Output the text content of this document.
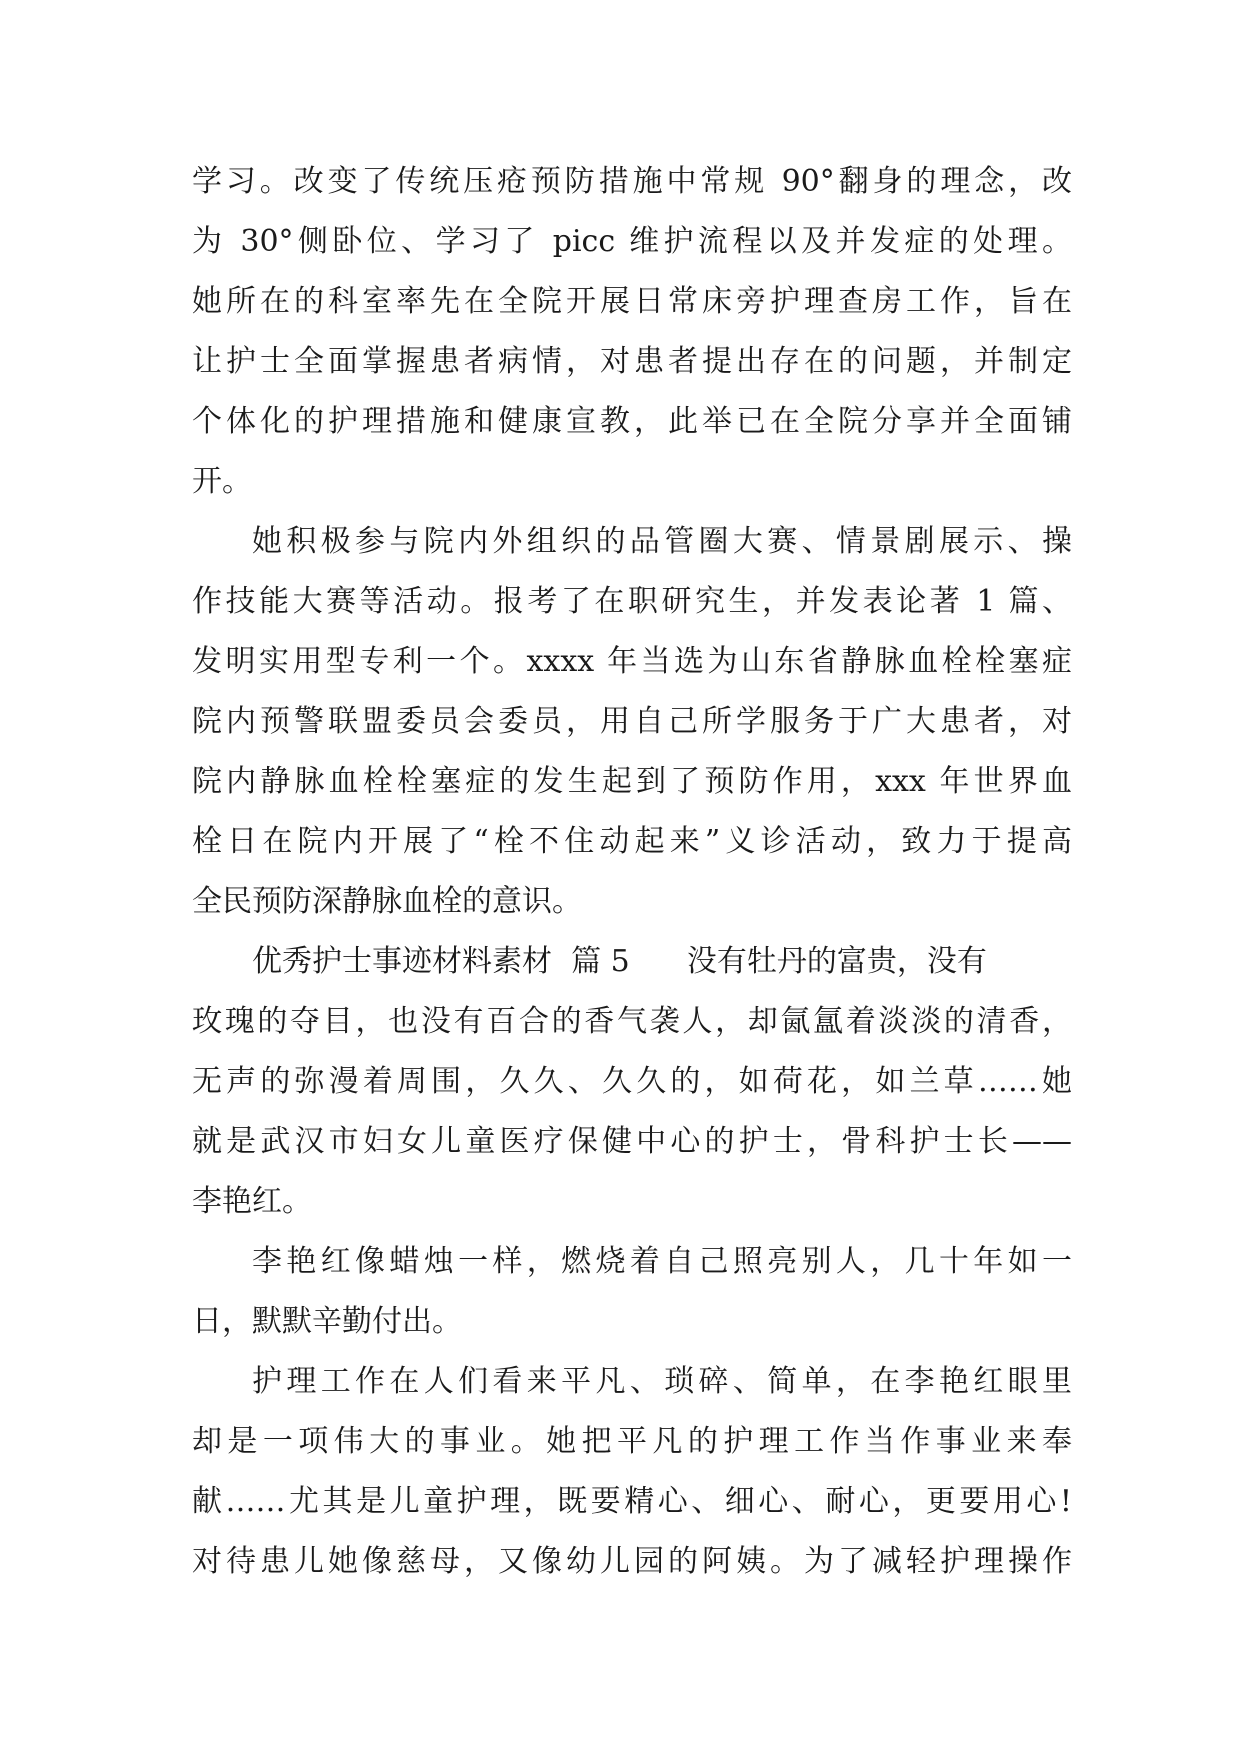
学习。改变了传统压疮预防措施中常规 90°翻身的理念，改
为 30°侧卧位、学习了 picc 维护流程以及并发症的处理。
她所在的科室率先在全院开展日常床旁护理查房工作，旨在
让护士全面掌握患者病情，对患者提出存在的问题，并制定
个体化的护理措施和健康宣教，此举已在全院分享并全面铺
开。
她积极参与院内外组织的品管圈大赛、情景剧展示、操
作技能大赛等活动。报考了在职研究生，并发表论著 1 篇、
发明实用型专利一个。xxxx 年当选为山东省静脉血栓栓塞症
院内预警联盟委员会委员，用自己所学服务于广大患者，对
院内静脉血栓栓塞症的发生起到了预防作用，xxx 年世界血
栓日在院内开展了“栓不住动起来”义诊活动，致力于提高
全民预防深静脉血栓的意识。
优秀护士事迹材料素材  篇 5      没有牡丹的富贵，没有
玫瑰的夺目，也没有百合的香气袭人，却氤氲着淡淡的清香，
无声的弥漫着周围，久久、久久的，如荷花，如兰草……她
就是武汉市妇女儿童医疗保健中心的护士，骨科护士长——
李艳红。
李艳红像蜡烛一样，燃烧着自己照亮别人，几十年如一
日，默默辛勤付出。
护理工作在人们看来平凡、琐碎、简单，在李艳红眼里
却是一项伟大的事业。她把平凡的护理工作当作事业来奉
献……尤其是儿童护理，既要精心、细心、耐心，更要用心!
对待患儿她像慈母，又像幼儿园的阿姨。为了减轻护理操作
